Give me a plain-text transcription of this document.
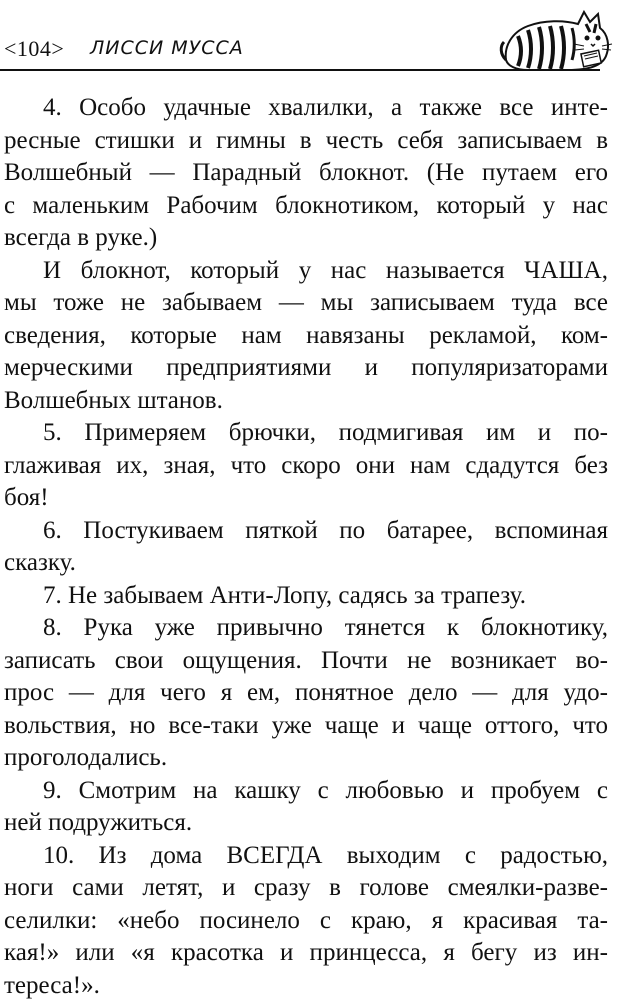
<104> ЛИССИ МУССА

4. Особо удачные хвалилки, а также все инте-
ресные стишки и гимны в честь себя записываем в
Волшебный — Парадный блокнот. (Не путаем его
с маленьким Рабочим блокнотиком, который у нас
всегда в руке.)

И блокнот, который у нас называется ЧАША,
мы тоже не забываем — мы записываем туда все
сведения, которые нам навязаны рекламой, ком-
мерческими предприятиями и популяризаторами
Волшебных штанов.

5. Примеряем брючки, подмигивая им и по-
глаживая их, зная, что скоро они нам сдадутся без
боя!

6. Постукиваем пяткой по батарее, вспоминая
сказку.

7. Не забываем Анти-Лопу, садясь за трапезу.

8. Рука уже привычно тянется к блокнотику,
записать свои ощущения. Почти не возникает во-
прос — для чего я ем, понятное дело — для удо-
вольствия, но все-таки уже чаще и чаще оттого, что
проголодались.

9. Смотрим на кашку с любовью и пробуем с
ней подружиться.

10. Из дома ВСЕГДА выходим с радостью,
ноги сами летят, и сразу в голове смеялки-разве-
селилки: «небо посинело с краю, я красивая та-
кая!» или «я красотка и принцесса, я бегу из ин-
тереса!».
